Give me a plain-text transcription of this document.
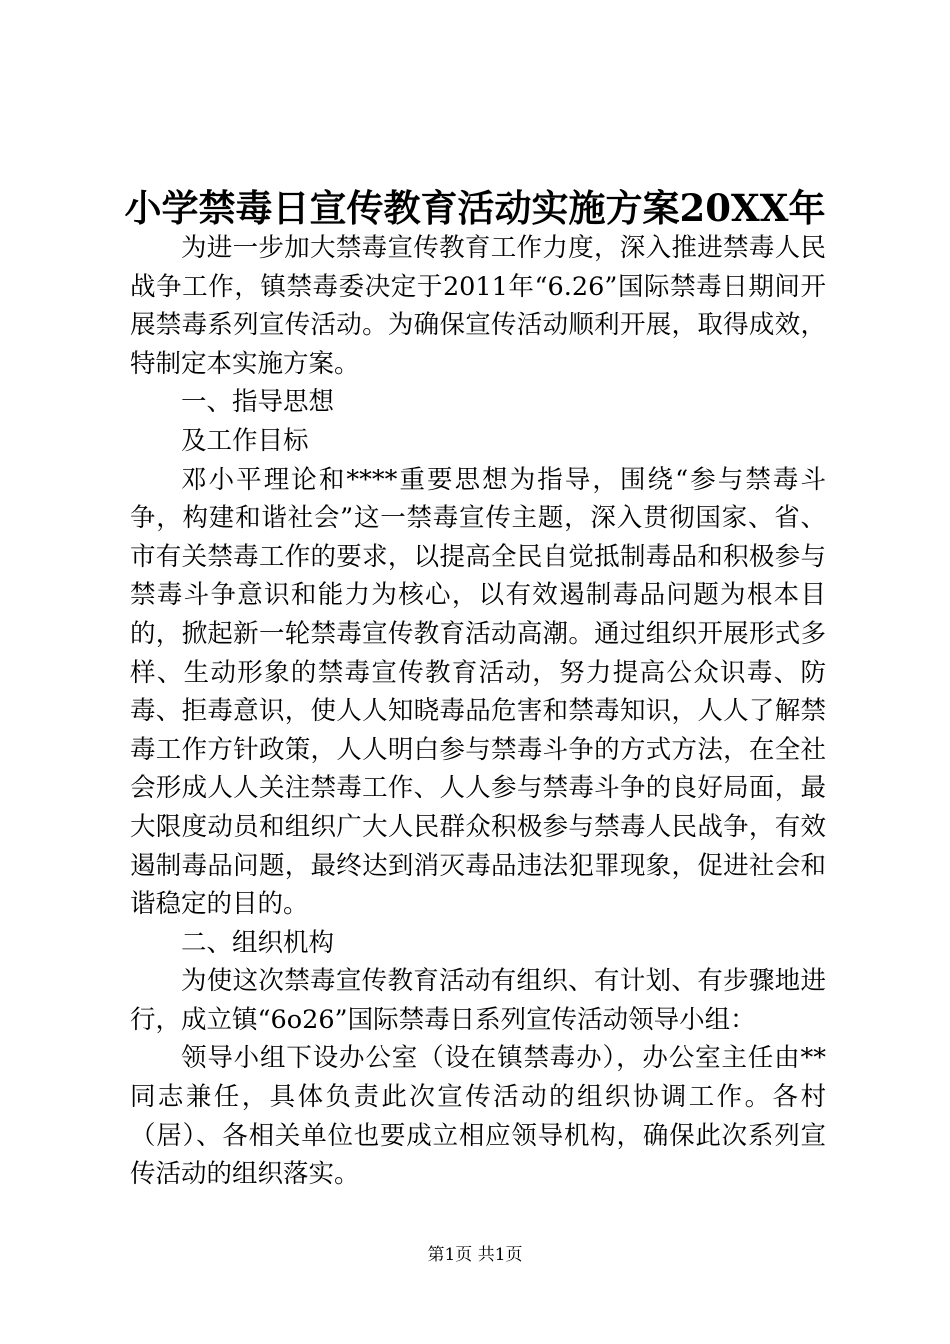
小学禁毒日宣传教育活动实施方案20XX年

为进一步加大禁毒宣传教育工作力度，深入推进禁毒人民战争工作，镇禁毒委决定于2011年“6.26”国际禁毒日期间开展禁毒系列宣传活动。为确保宣传活动顺利开展，取得成效，特制定本实施方案。

一、指导思想

及工作目标

邓小平理论和****重要思想为指导，围绕“参与禁毒斗争，构建和谐社会”这一禁毒宣传主题，深入贯彻国家、省、市有关禁毒工作的要求，以提高全民自觉抵制毒品和积极参与禁毒斗争意识和能力为核心，以有效遏制毒品问题为根本目的，掀起新一轮禁毒宣传教育活动高潮。通过组织开展形式多样、生动形象的禁毒宣传教育活动，努力提高公众识毒、防毒、拒毒意识，使人人知晓毒品危害和禁毒知识，人人了解禁毒工作方针政策，人人明白参与禁毒斗争的方式方法，在全社会形成人人关注禁毒工作、人人参与禁毒斗争的良好局面，最大限度动员和组织广大人民群众积极参与禁毒人民战争，有效遏制毒品问题，最终达到消灭毒品违法犯罪现象，促进社会和谐稳定的目的。

二、组织机构

为使这次禁毒宣传教育活动有组织、有计划、有步骤地进行，成立镇“6o26”国际禁毒日系列宣传活动领导小组：

领导小组下设办公室（设在镇禁毒办），办公室主任由**同志兼任，具体负责此次宣传活动的组织协调工作。各村（居）、各相关单位也要成立相应领导机构，确保此次系列宣传活动的组织落实。

第1页 共1页
